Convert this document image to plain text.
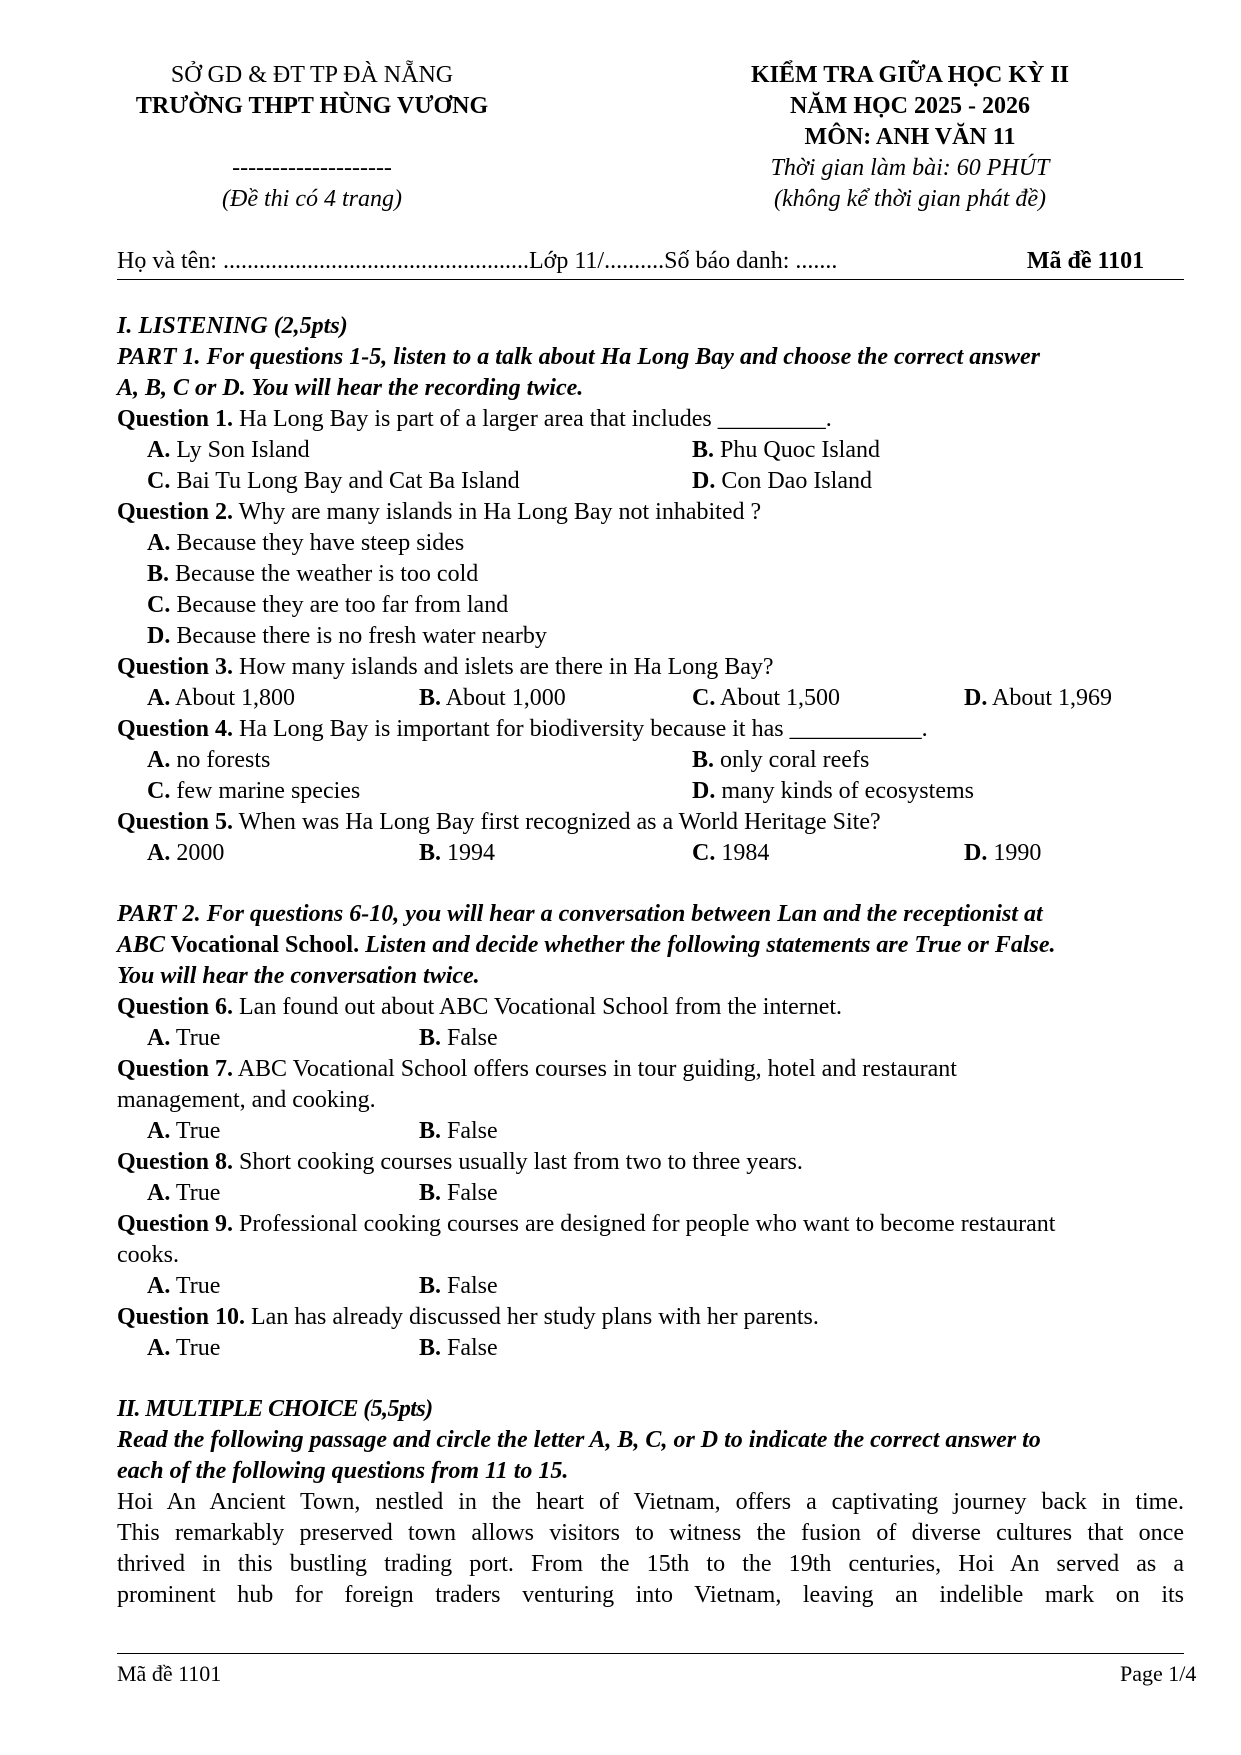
SỞ GD & ĐT TP ĐÀ NẴNG
TRƯỜNG THPT HÙNG VƯƠNG
--------------------
(Đề thi có 4 trang)
KIỂM TRA GIỮA HỌC KỲ II
NĂM HỌC 2025 - 2026
MÔN: ANH VĂN 11
Thời gian làm bài: 60 PHÚT
(không kể thời gian phát đề)
Họ và tên: ...................................................Lớp 11/..........Số báo danh: .......	Mã đề 1101
I. LISTENING (2,5pts)
PART 1. For questions 1-5, listen to a talk about Ha Long Bay and choose the correct answer
A, B, C or D. You will hear the recording twice.
Question 1. Ha Long Bay is part of a larger area that includes _________.
A. Ly Son Island	B. Phu Quoc Island
C. Bai Tu Long Bay and Cat Ba Island	D. Con Dao Island
Question 2. Why are many islands in Ha Long Bay not inhabited ?
A. Because they have steep sides
B. Because the weather is too cold
C. Because they are too far from land
D. Because there is no fresh water nearby
Question 3. How many islands and islets are there in Ha Long Bay?
A. About 1,800	B. About 1,000	C. About 1,500	D. About 1,969
Question 4. Ha Long Bay is important for biodiversity because it has ___________.
A. no forests	B. only coral reefs
C. few marine species	D. many kinds of ecosystems
Question 5. When was Ha Long Bay first recognized as a World Heritage Site?
A. 2000	B. 1994	C. 1984	D. 1990
PART 2. For questions 6-10, you will hear a conversation between Lan and the receptionist at
ABC Vocational School. Listen and decide whether the following statements are True or False.
You will hear the conversation twice.
Question 6. Lan found out about ABC Vocational School from the internet.
A. True	B. False
Question 7. ABC Vocational School offers courses in tour guiding, hotel and restaurant
management, and cooking.
A. True	B. False
Question 8. Short cooking courses usually last from two to three years.
A. True	B. False
Question 9. Professional cooking courses are designed for people who want to become restaurant
cooks.
A. True	B. False
Question 10. Lan has already discussed her study plans with her parents.
A. True	B. False
II. MULTIPLE CHOICE (5,5pts)
Read the following passage and circle the letter A, B, C, or D to indicate the correct answer to
each of the following questions from 11 to 15.
Hoi An Ancient Town, nestled in the heart of Vietnam, offers a captivating journey back in time.
This remarkably preserved town allows visitors to witness the fusion of diverse cultures that once
thrived in this bustling trading port. From the 15th to the 19th centuries, Hoi An served as a
prominent hub for foreign traders venturing into Vietnam, leaving an indelible mark on its
Mã đề 1101	Page 1/4
